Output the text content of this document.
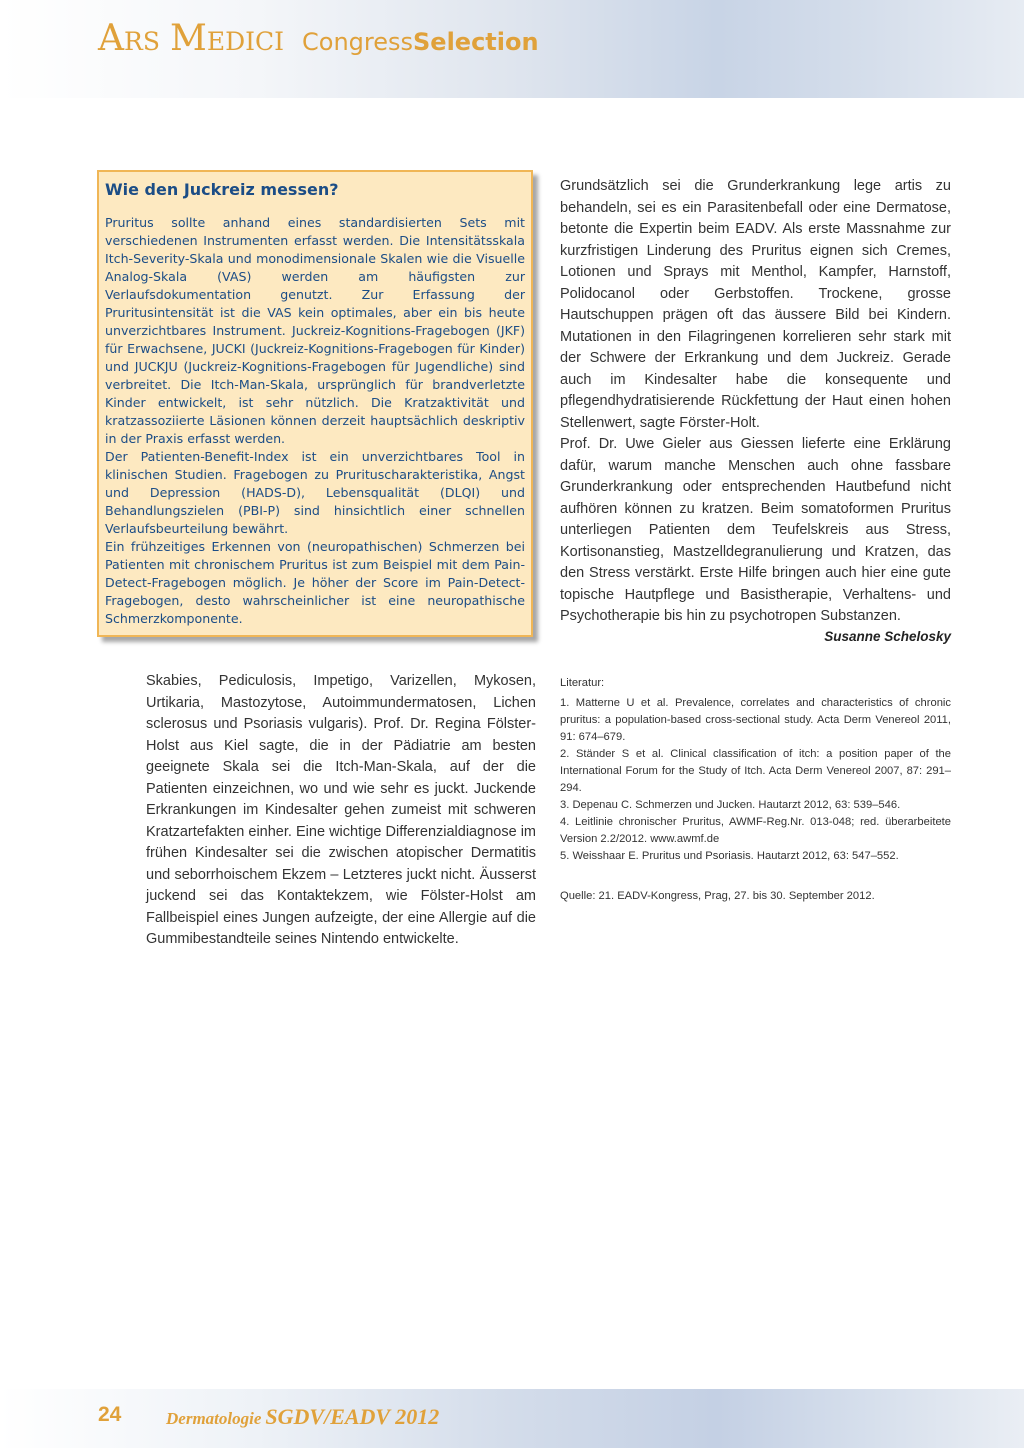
ARS MEDICI CongressSelection
Wie den Juckreiz messen?

Pruritus sollte anhand eines standardisierten Sets mit verschiedenen Instrumenten erfasst werden. Die Intensitätsskala Itch-Severity-Skala und monodimensionale Skalen wie die Visuelle Analog-Skala (VAS) werden am häufigsten zur Verlaufsdokumentation genutzt. Zur Erfassung der Pruritusintensität ist die VAS kein optimales, aber ein bis heute unverzichtbares Instrument. Juckreiz-Kognitions-Fragebogen (JKF) für Erwachsene, JUCKI (Juckreiz-Kognitions-Fragebogen für Kinder) und JUCKJU (Juckreiz-Kognitions-Fragebogen für Jugendliche) sind verbreitet. Die Itch-Man-Skala, ursprünglich für brandverletzte Kinder entwickelt, ist sehr nützlich. Die Kratzaktivität und kratzassoziierte Läsionen können derzeit hauptsächlich deskriptiv in der Praxis erfasst werden.

Der Patienten-Benefit-Index ist ein unverzichtbares Tool in klinischen Studien. Fragebogen zu Prurituscharakteristika, Angst und Depression (HADS-D), Lebensqualität (DLQI) und Behandlungszielen (PBI-P) sind hinsichtlich einer schnellen Verlaufsbeurteilung bewährt.

Ein frühzeitiges Erkennen von (neuropathischen) Schmerzen bei Patienten mit chronischem Pruritus ist zum Beispiel mit dem Pain-Detect-Fragebogen möglich. Je höher der Score im Pain-Detect-Fragebogen, desto wahrscheinlicher ist eine neuropathische Schmerzkomponente.

Grundsätzlich sei die Grunderkrankung lege artis zu behandeln, sei es ein Parasitenbefall oder eine Dermatose, betonte die Expertin beim EADV. Als erste Massnahme zur kurzfristigen Linderung des Pruritus eignen sich Cremes, Lotionen und Sprays mit Menthol, Kampfer, Harnstoff, Polidocanol oder Gerbstoffen. Trockene, grosse Hautschuppen prägen oft das äussere Bild bei Kindern. Mutationen in den Filagringenen korrelieren sehr stark mit der Schwere der Erkrankung und dem Juckreiz. Gerade auch im Kindesalter habe die konsequente und pflegendhydratisierende Rückfettung der Haut einen hohen Stellenwert, sagte Förster-Holt.

Prof. Dr. Uwe Gieler aus Giessen lieferte eine Erklärung dafür, warum manche Menschen auch ohne fassbare Grunderkrankung oder entsprechenden Hautbefund nicht aufhören können zu kratzen. Beim somatoformen Pruritus unterliegen Patienten dem Teufelskreis aus Stress, Kortisonanstieg, Mastzelldegranulierung und Kratzen, das den Stress verstärkt. Erste Hilfe bringen auch hier eine gute topische Hautpflege und Basistherapie, Verhaltens- und Psychotherapie bis hin zu psychotropen Substanzen.

Susanne Schelosky

Skabies, Pediculosis, Impetigo, Varizellen, Mykosen, Urtikaria, Mastozytose, Autoimmundermatosen, Lichen sclerosus und Psoriasis vulgaris). Prof. Dr. Regina Fölster-Holst aus Kiel sagte, die in der Pädiatrie am besten geeignete Skala sei die Itch-Man-Skala, auf der die Patienten einzeichnen, wo und wie sehr es juckt. Juckende Erkrankungen im Kindesalter gehen zumeist mit schweren Kratzartefakten einher. Eine wichtige Differenzialdiagnose im frühen Kindesalter sei die zwischen atopischer Dermatitis und seborrhoischem Ekzem – Letzteres juckt nicht. Äusserst juckend sei das Kontaktekzem, wie Fölster-Holst am Fallbeispiel eines Jungen aufzeigte, der eine Allergie auf die Gummibestandteile seines Nintendo entwickelte.

Literatur:

1. Matterne U et al. Prevalence, correlates and characteristics of chronic pruritus: a population-based cross-sectional study. Acta Derm Venereol 2011, 91: 674–679.

2. Ständer S et al. Clinical classification of itch: a position paper of the International Forum for the Study of Itch. Acta Derm Venereol 2007, 87: 291–294.

3. Depenau C. Schmerzen und Jucken. Hautarzt 2012, 63: 539–546.

4. Leitlinie chronischer Pruritus, AWMF-Reg.Nr. 013-048; red. überarbeitete Version 2.2/2012. www.awmf.de

5. Weisshaar E. Pruritus und Psoriasis. Hautarzt 2012, 63: 547–552.

Quelle: 21. EADV-Kongress, Prag, 27. bis 30. September 2012.
24	Dermatologie SGDV/EADV 2012
